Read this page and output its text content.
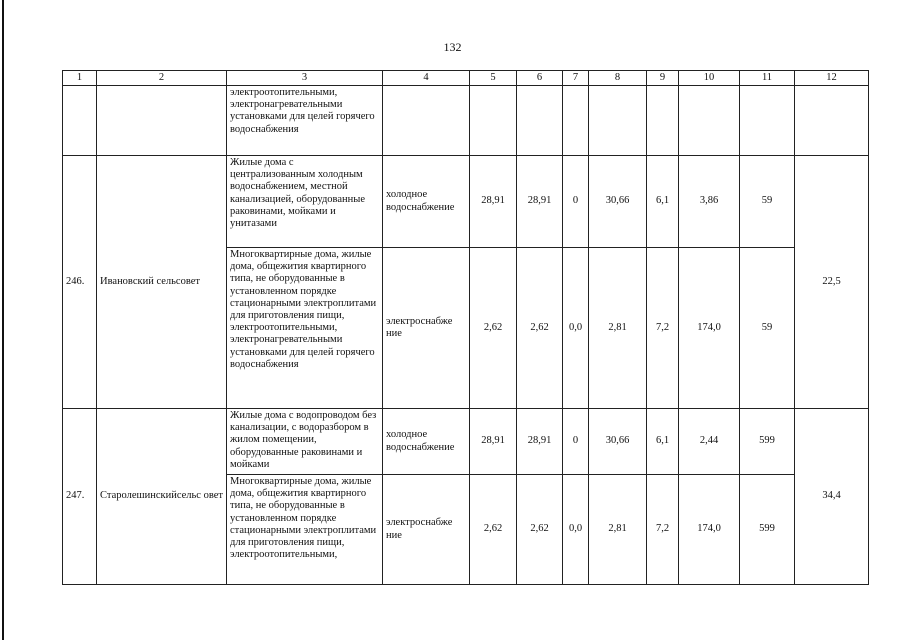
132
1	2	3	4	5	6	7	8	9	10	11	12
		электроотопительными, электронагревательными установками для целей горячего водоснабжения									
246.	Ивановский сельсовет	Жилые дома с централизованным холодным водоснабжением, местной канализацией, оборудованные раковинами, мойками и унитазами	холодное водоснабжение	28,91	28,91	0	30,66	6,1	3,86	59	22,5
		Многоквартирные дома, жилые дома, общежития квартирного типа, не оборудованные в установленном порядке стационарными электроплитами для приготовления пищи, электроотопительными, электронагревательными установками для целей горячего водоснабжения	электроснабже ние	2,62	2,62	0,0	2,81	7,2	174,0	59	
247.	Старолешинскийсельс овет	Жилые дома с водопроводом без канализации, с водоразбором в жилом помещении, оборудованные раковинами и мойками	холодное водоснабжение	28,91	28,91	0	30,66	6,1	2,44	599	34,4
		Многоквартирные дома, жилые дома, общежития квартирного типа, не оборудованные в установленном порядке стационарными электроплитами для приготовления пищи, электроотопительными,	электроснабже ние	2,62	2,62	0,0	2,81	7,2	174,0	599	
